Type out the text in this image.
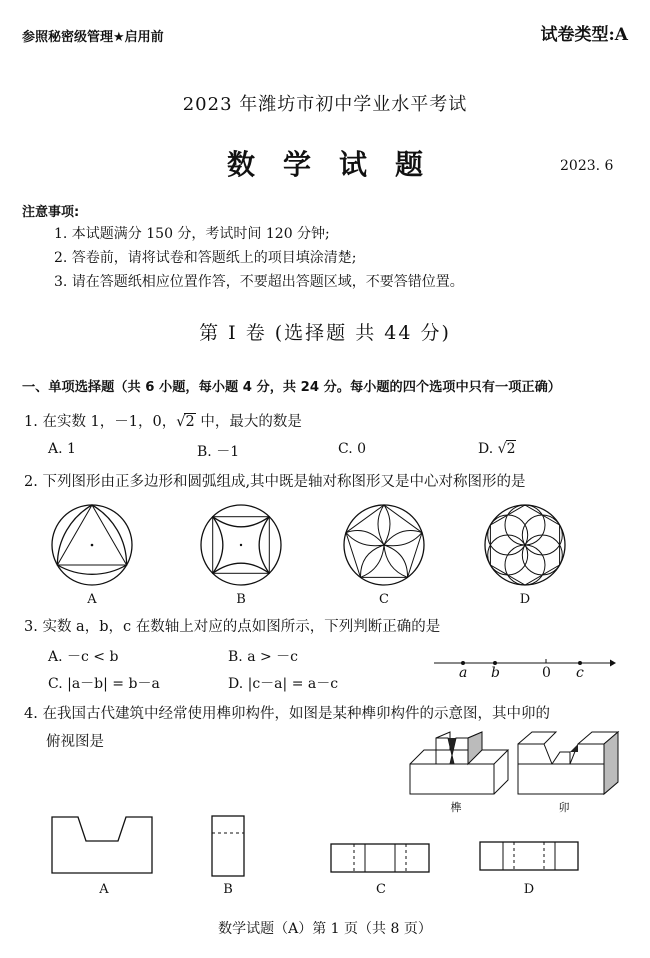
参照秘密级管理★启用前	试卷类型:A
2023 年潍坊市初中学业水平考试
数学试题	2023. 6
注意事项:
1. 本试题满分 150 分，考试时间 120 分钟;
2. 答卷前，请将试卷和答题纸上的项目填涂清楚;
3. 请在答题纸相应位置作答，不要超出答题区域，不要答错位置。
第 I 卷 (选择题 共 44 分)
一、单项选择题（共 6 小题，每小题 4 分，共 24 分。每小题的四个选项中只有一项正确）
1. 在实数 1，－1，0，√2 中，最大的数是
A. 1	B. －1	C. 0	D. √2
2. 下列图形由正多边形和圆弧组成,其中既是轴对称图形又是中心对称图形的是
A	B	C	D
3. 实数 a，b，c 在数轴上对应的点如图所示，下列判断正确的是
A. －c < b	B. a > －c
C. |a－b| = b－a	D. |c－a| = a－c
a b	0 c
4. 在我国古代建筑中经常使用榫卯构件，如图是某种榫卯构件的示意图，其中卯的
俯视图是
榫	卯
A	B	C	D
数学试题（A）第 1 页（共 8 页）
